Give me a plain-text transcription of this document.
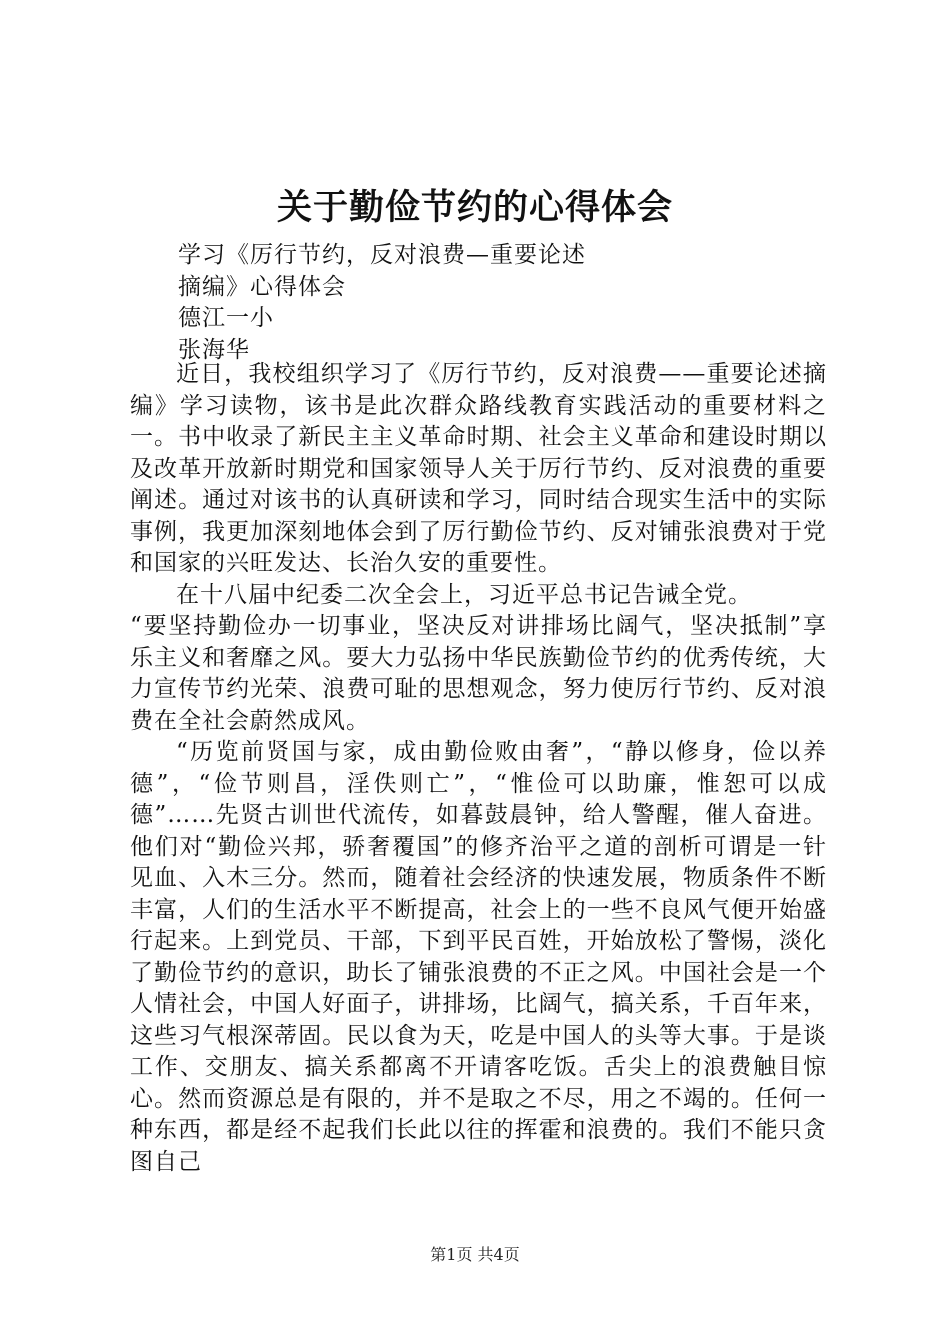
关于勤俭节约的心得体会
学习《厉行节约，反对浪费—重要论述
摘编》心得体会
德江一小
张海华

近日，我校组织学习了《厉行节约，反对浪费——重要论述摘编》学习读物，该书是此次群众路线教育实践活动的重要材料之一。书中收录了新民主主义革命时期、社会主义革命和建设时期以及改革开放新时期党和国家领导人关于厉行节约、反对浪费的重要阐述。通过对该书的认真研读和学习，同时结合现实生活中的实际事例，我更加深刻地体会到了厉行勤俭节约、反对铺张浪费对于党和国家的兴旺发达、长治久安的重要性。

在十八届中纪委二次全会上，习近平总书记告诫全党。

“要坚持勤俭办一切事业，坚决反对讲排场比阔气，坚决抵制”享乐主义和奢靡之风。要大力弘扬中华民族勤俭节约的优秀传统，大力宣传节约光荣、浪费可耻的思想观念，努力使厉行节约、反对浪费在全社会蔚然成风。

“历览前贤国与家，成由勤俭败由奢”，“静以修身，俭以养德”，“俭节则昌，淫佚则亡”，“惟俭可以助廉，惟恕可以成德”……先贤古训世代流传，如暮鼓晨钟，给人警醒，催人奋进。他们对“勤俭兴邦，骄奢覆国”的修齐治平之道的剖析可谓是一针见血、入木三分。然而，随着社会经济的快速发展，物质条件不断丰富，人们的生活水平不断提高，社会上的一些不良风气便开始盛行起来。上到党员、干部，下到平民百姓，开始放松了警惕，淡化了勤俭节约的意识，助长了铺张浪费的不正之风。中国社会是一个人情社会，中国人好面子，讲排场，比阔气，搞关系，千百年来，这些习气根深蒂固。民以食为天，吃是中国人的头等大事。于是谈工作、交朋友、搞关系都离不开请客吃饭。舌尖上的浪费触目惊心。然而资源总是有限的，并不是取之不尽，用之不竭的。任何一种东西，都是经不起我们长此以往的挥霍和浪费的。我们不能只贪图自己

第1页 共4页
